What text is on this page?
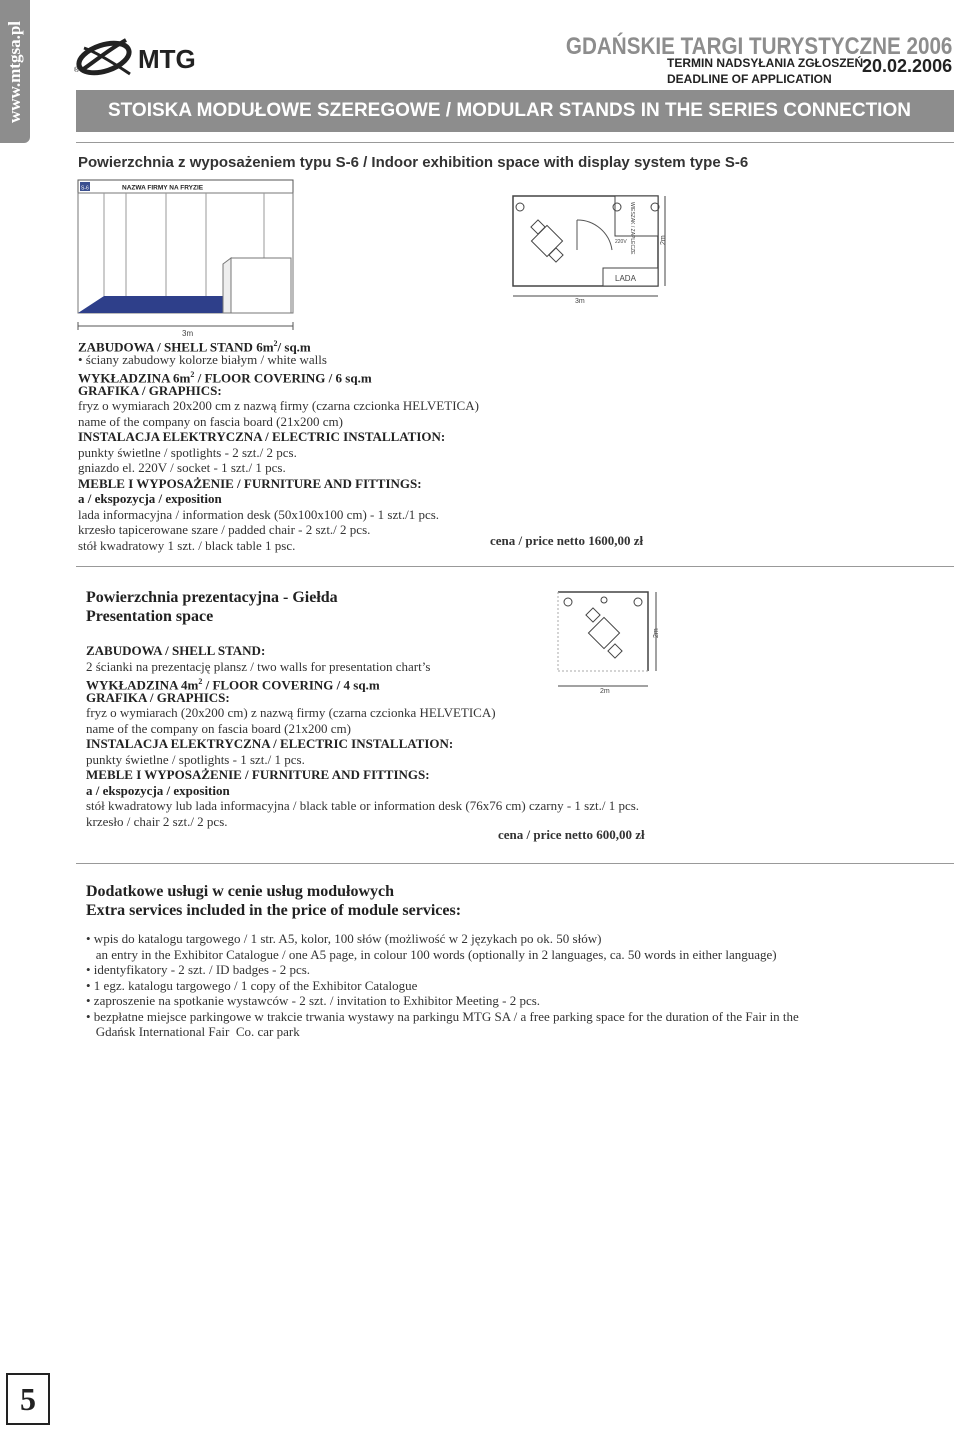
www.mtgsa.pl	MTG
®
GDAŃSKIE TARGI TURYSTYCZNE 2006
TERMIN NADSYŁANIA ZGŁOSZEŃ
20.02.2006
DEADLINE OF APPLICATION
STOISKA MODUŁOWE SZEREGOWE / MODULAR STANDS IN THE SERIES CONNECTION
Powierzchnia z wyposażeniem typu S-6 / Indoor exhibition space with display system type S-6
S-6	NAZWA FIRMY NA FRYZIE
3m
WIESZAK / ZAPLECZE
220V
LADA
3m
2m
ZABUDOWA / SHELL STAND $6m^2/$ sq.m
• ściany zabudowy kolorze białym / white walls
WYKŁADZINA $6m^2$ / FLOOR COVERING / 6 sq.m
GRAFIKA / GRAPHICS:
fryz o wymiarach 20x200 cm z nazwą firmy (czarna czcionka HELVETICA)
name of the company on fascia board (21x200 cm)
INSTALACJA ELEKTRYCZNA / ELECTRIC INSTALLATION:
punkty świetlne / spotlights - 2 szt./ 2 pcs.
gniazdo el. 220V / socket - 1 szt./ 1 pcs.
MEBLE I WYPOSAŻENIE / FURNITURE AND FITTINGS:
a / ekspozycja / exposition
lada informacyjna / information desk (50x100x100 cm) - 1 szt./1 pcs.
krzesło tapicerowane szare / padded chair - 2 szt./ 2 pcs.
stół kwadratowy 1 szt. / black table 1 psc.	cena / price netto 1600,00 zł
Powierzchnia prezentacyjna - Giełda
Presentation space
2m
2m
ZABUDOWA / SHELL STAND:
2 ścianki na prezentację plansz / two walls for presentation chart’s
WYKŁADZINA $4m^2$ / FLOOR COVERING / 4 sq.m
GRAFIKA / GRAPHICS:
fryz o wymiarach (20x200 cm) z nazwą firmy (czarna czcionka HELVETICA)
name of the company on fascia board (21x200 cm)
INSTALACJA ELEKTRYCZNA / ELECTRIC INSTALLATION:
punkty świetlne / spotlights - 1 szt./ 1 pcs.
MEBLE I WYPOSAŻENIE / FURNITURE AND FITTINGS:
a / ekspozycja / exposition
stół kwadratowy lub lada informacyjna / black table or information desk (76x76 cm) czarny - 1 szt./ 1 pcs.
krzesło / chair 2 szt./ 2 pcs.
cena / price netto 600,00 zł
Dodatkowe usługi w cenie usług modułowych
Extra services included in the price of module services:
• wpis do katalogu targowego / 1 str. A5, kolor, 100 słów (możliwość w 2 językach po ok. 50 słów)
an entry in the Exhibitor Catalogue / one A5 page, in colour 100 words (optionally in 2 languages, ca. 50 words in either language)
• identyfikatory - 2 szt. / ID badges - 2 pcs.
• 1 egz. katalogu targowego / 1 copy of the Exhibitor Catalogue
• zaproszenie na spotkanie wystawców - 2 szt. / invitation to Exhibitor Meeting - 2 pcs.
• bezpłatne miejsce parkingowe w trakcie trwania wystawy na parkingu MTG SA / a free parking space for the duration of the Fair in the
Gdańsk International Fair  Co. car park
5
